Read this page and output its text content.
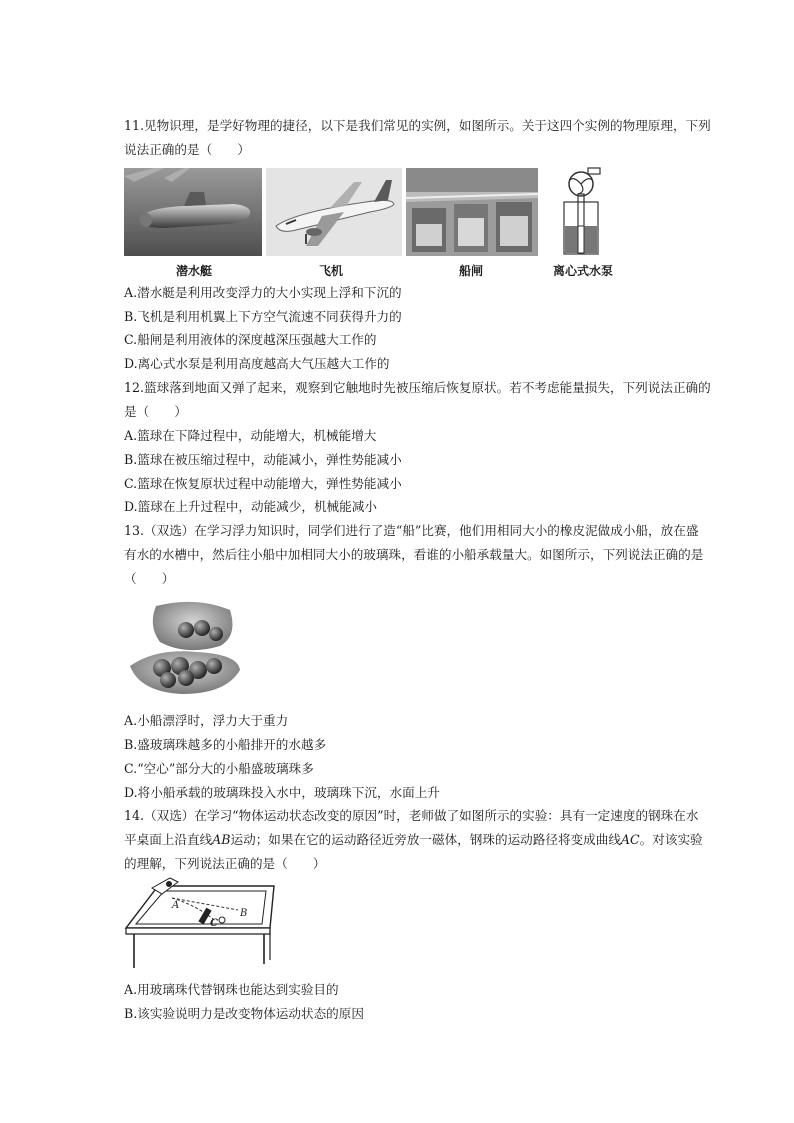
11.见物识理，是学好物理的捷径，以下是我们常见的实例，如图所示。关于这四个实例的物理原理，下列
说法正确的是（　　）
潜水艇	飞机	船闸	离心式水泵
A.潜水艇是利用改变浮力的大小实现上浮和下沉的
B.飞机是利用机翼上下方空气流速不同获得升力的
C.船闸是利用液体的深度越深压强越大工作的
D.离心式水泵是利用高度越高大气压越大工作的
12.篮球落到地面又弹了起来，观察到它触地时先被压缩后恢复原状。若不考虑能量损失，下列说法正确的
是（　　）
A.篮球在下降过程中，动能增大，机械能增大
B.篮球在被压缩过程中，动能减小，弹性势能减小
C.篮球在恢复原状过程中动能增大，弹性势能减小
D.篮球在上升过程中，动能减少，机械能减小
13.（双选）在学习浮力知识时，同学们进行了造“船”比赛，他们用相同大小的橡皮泥做成小船，放在盛
有水的水槽中，然后往小船中加相同大小的玻璃珠，看谁的小船承载量大。如图所示，下列说法正确的是
（　　）
A.小船漂浮时，浮力大于重力
B.盛玻璃珠越多的小船排开的水越多
C.“空心”部分大的小船盛玻璃珠多
D.将小船承载的玻璃珠投入水中，玻璃珠下沉，水面上升
14.（双选）在学习“物体运动状态改变的原因”时，老师做了如图所示的实验：具有一定速度的钢珠在水
平桌面上沿直线AB运动；如果在它的运动路径近旁放一磁体，钢珠的运动路径将变成曲线AC。对该实验
的理解，下列说法正确的是（　　）
A
B
C
A.用玻璃珠代替钢珠也能达到实验目的
B.该实验说明力是改变物体运动状态的原因
